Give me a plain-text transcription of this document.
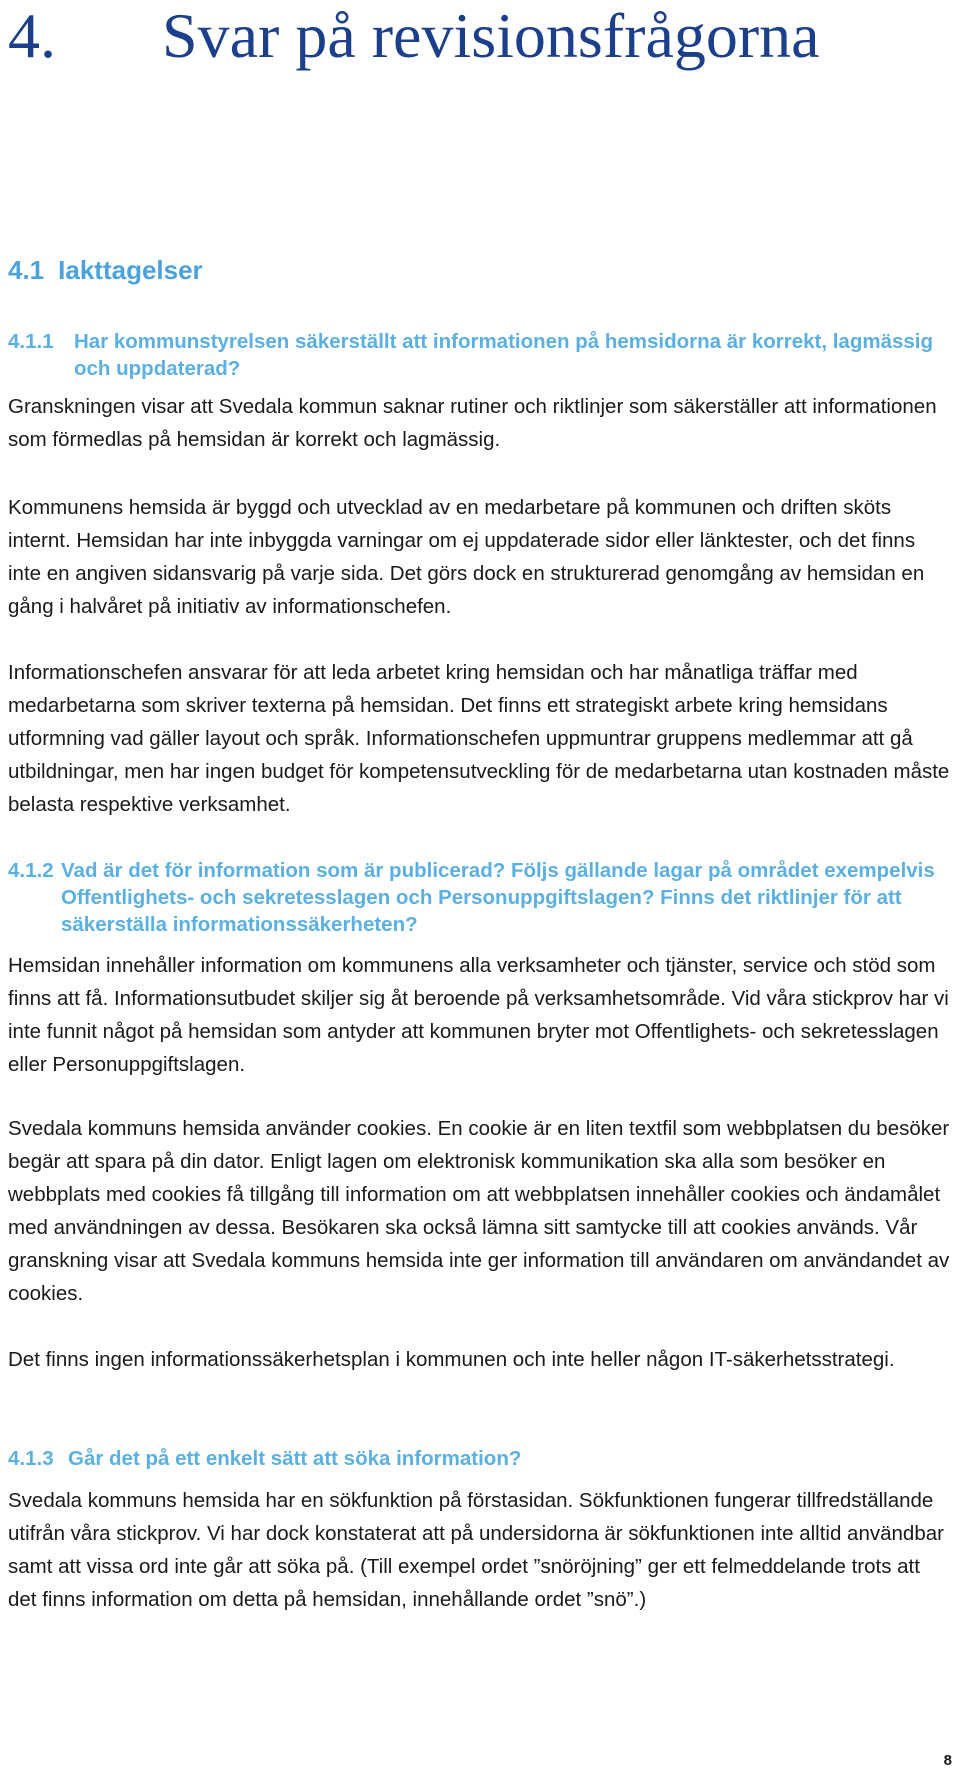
4. Svar på revisionsfrågorna
4.1 Iakttagelser
4.1.1 Har kommunstyrelsen säkerställt att informationen på hemsidorna är korrekt, lagmässig och uppdaterad?

Granskningen visar att Svedala kommun saknar rutiner och riktlinjer som säkerställer att informationen som förmedlas på hemsidan är korrekt och lagmässig.

Kommunens hemsida är byggd och utvecklad av en medarbetare på kommunen och driften sköts internt. Hemsidan har inte inbyggda varningar om ej uppdaterade sidor eller länktester, och det finns inte en angiven sidansvarig på varje sida. Det görs dock en strukturerad genomgång av hemsidan en gång i halvåret på initiativ av informationschefen.

Informationschefen ansvarar för att leda arbetet kring hemsidan och har månatliga träffar med medarbetarna som skriver texterna på hemsidan. Det finns ett strategiskt arbete kring hemsidans utformning vad gäller layout och språk. Informationschefen uppmuntrar gruppens medlemmar att gå utbildningar, men har ingen budget för kompetensutveckling för de medarbetarna utan kostnaden måste belasta respektive verksamhet.

4.1.2 Vad är det för information som är publicerad? Följs gällande lagar på området exempelvis Offentlighets- och sekretesslagen och Personuppgiftslagen? Finns det riktlinjer för att säkerställa informationssäkerheten?

Hemsidan innehåller information om kommunens alla verksamheter och tjänster, service och stöd som finns att få. Informationsutbudet skiljer sig åt beroende på verksamhetsområde. Vid våra stickprov har vi inte funnit något på hemsidan som antyder att kommunen bryter mot Offentlighets- och sekretesslagen eller Personuppgiftslagen.

Svedala kommuns hemsida använder cookies. En cookie är en liten textfil som webbplatsen du besöker begär att spara på din dator. Enligt lagen om elektronisk kommunikation ska alla som besöker en webbplats med cookies få tillgång till information om att webbplatsen innehåller cookies och ändamålet med användningen av dessa. Besökaren ska också lämna sitt samtycke till att cookies används. Vår granskning visar att Svedala kommuns hemsida inte ger information till användaren om användandet av cookies.

Det finns ingen informationssäkerhetsplan i kommunen och inte heller någon IT-säkerhetsstrategi.

4.1.3 Går det på ett enkelt sätt att söka information?

Svedala kommuns hemsida har en sökfunktion på förstasidan. Sökfunktionen fungerar tillfredställande utifrån våra stickprov. Vi har dock konstaterat att på undersidorna är sökfunktionen inte alltid användbar samt att vissa ord inte går att söka på. (Till exempel ordet ”snöröjning” ger ett felmeddelande trots att det finns information om detta på hemsidan, innehållande ordet ”snö”.)

8
